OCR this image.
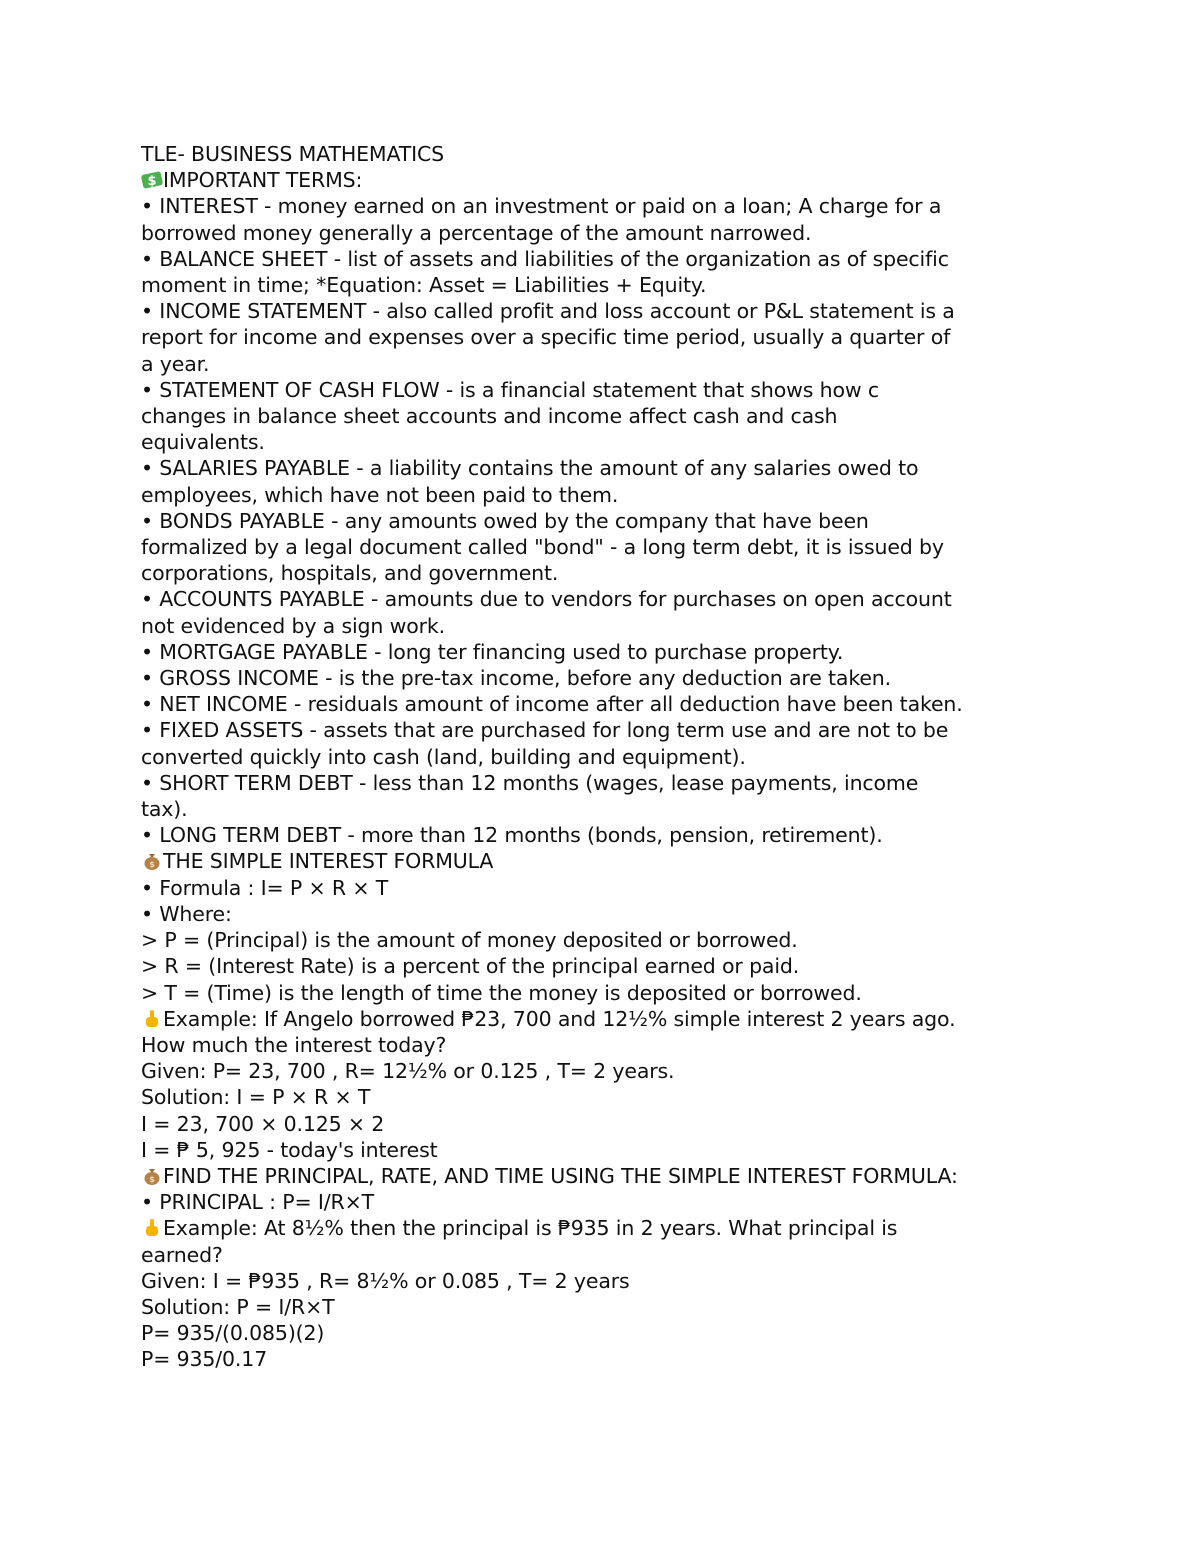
TLE- BUSINESS MATHEMATICS
$ IMPORTANT TERMS:
• INTEREST - money earned on an investment or paid on a loan; A charge for a
borrowed money generally a percentage of the amount narrowed.
• BALANCE SHEET - list of assets and liabilities of the organization as of specific
moment in time; *Equation: Asset = Liabilities + Equity.
• INCOME STATEMENT - also called profit and loss account or P&L statement is a
report for income and expenses over a specific time period, usually a quarter of
a year.
• STATEMENT OF CASH FLOW - is a financial statement that shows how c
changes in balance sheet accounts and income affect cash and cash
equivalents.
• SALARIES PAYABLE - a liability contains the amount of any salaries owed to
employees, which have not been paid to them.
• BONDS PAYABLE - any amounts owed by the company that have been
formalized by a legal document called "bond" - a long term debt, it is issued by
corporations, hospitals, and government.
• ACCOUNTS PAYABLE - amounts due to vendors for purchases on open account
not evidenced by a sign work.
• MORTGAGE PAYABLE - long ter financing used to purchase property.
• GROSS INCOME - is the pre-tax income, before any deduction are taken.
• NET INCOME - residuals amount of income after all deduction have been taken.
• FIXED ASSETS - assets that are purchased for long term use and are not to be
converted quickly into cash (land, building and equipment).
• SHORT TERM DEBT - less than 12 months (wages, lease payments, income
tax).
• LONG TERM DEBT - more than 12 months (bonds, pension, retirement).
$ THE SIMPLE INTEREST FORMULA
• Formula : I= P × R × T
• Where:
> P = (Principal) is the amount of money deposited or borrowed.
> R = (Interest Rate) is a percent of the principal earned or paid.
> T = (Time) is the length of time the money is deposited or borrowed.
Example: If Angelo borrowed ₱23, 700 and 12½% simple interest 2 years ago.
How much the interest today?
Given: P= 23, 700 , R= 12½% or 0.125 , T= 2 years.
Solution: I = P × R × T
I = 23, 700 × 0.125 × 2
I = ₱ 5, 925 - today's interest
$ FIND THE PRINCIPAL, RATE, AND TIME USING THE SIMPLE INTEREST FORMULA:
• PRINCIPAL : P= I/R×T
Example: At 8½% then the principal is ₱935 in 2 years. What principal is
earned?
Given: I = ₱935 , R= 8½% or 0.085 , T= 2 years
Solution: P = I/R×T
P= 935/(0.085)(2)
P= 935/0.17
